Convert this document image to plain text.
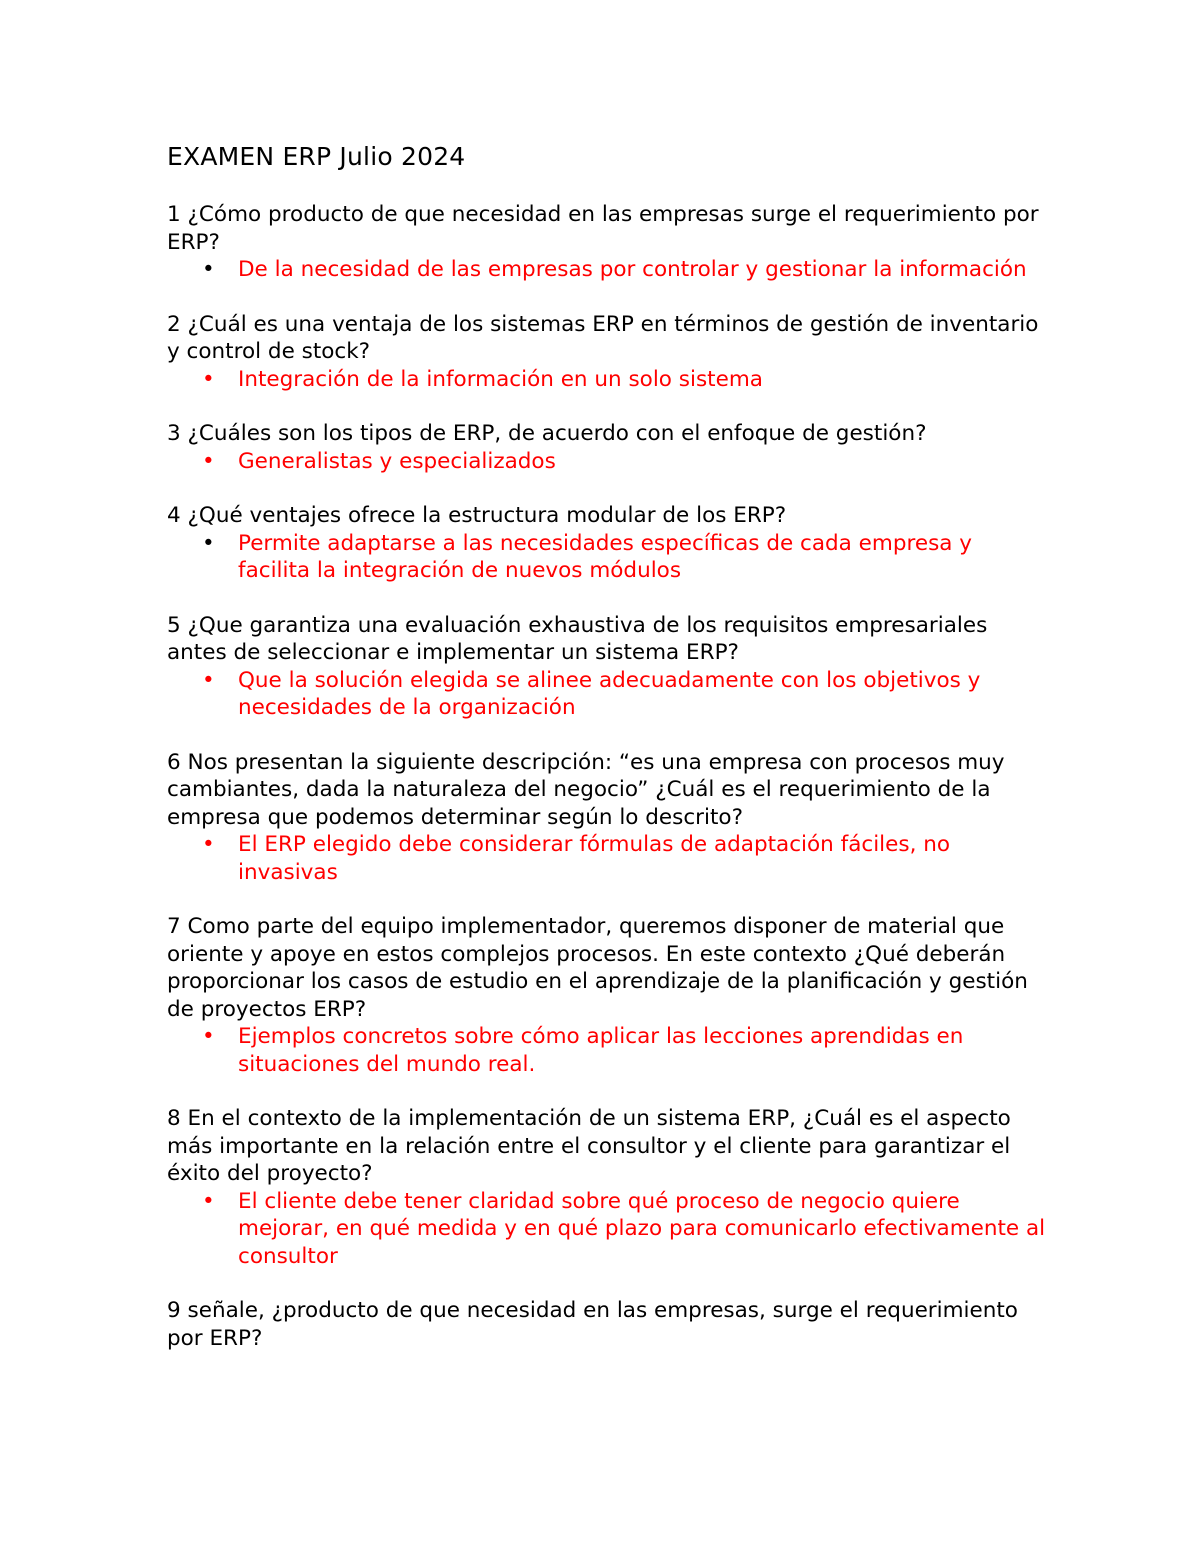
EXAMEN ERP Julio 2024

1 ¿Cómo producto de que necesidad en las empresas surge el requerimiento por ERP?

• De la necesidad de las empresas por controlar y gestionar la información

2 ¿Cuál es una ventaja de los sistemas ERP en términos de gestión de inventario y control de stock?

• Integración de la información en un solo sistema

3 ¿Cuáles son los tipos de ERP, de acuerdo con el enfoque de gestión?

• Generalistas y especializados

4 ¿Qué ventajes ofrece la estructura modular de los ERP?

• Permite adaptarse a las necesidades específicas de cada empresa y facilita la integración de nuevos módulos

5 ¿Que garantiza una evaluación exhaustiva de los requisitos empresariales antes de seleccionar e implementar un sistema ERP?

• Que la solución elegida se alinee adecuadamente con los objetivos y necesidades de la organización

6 Nos presentan la siguiente descripción: “es una empresa con procesos muy cambiantes, dada la naturaleza del negocio” ¿Cuál es el requerimiento de la empresa que podemos determinar según lo descrito?

• El ERP elegido debe considerar fórmulas de adaptación fáciles, no invasivas

7 Como parte del equipo implementador, queremos disponer de material que oriente y apoye en estos complejos procesos. En este contexto ¿Qué deberán proporcionar los casos de estudio en el aprendizaje de la planificación y gestión de proyectos ERP?

• Ejemplos concretos sobre cómo aplicar las lecciones aprendidas en situaciones del mundo real.

8 En el contexto de la implementación de un sistema ERP, ¿Cuál es el aspecto más importante en la relación entre el consultor y el cliente para garantizar el éxito del proyecto?

• El cliente debe tener claridad sobre qué proceso de negocio quiere mejorar, en qué medida y en qué plazo para comunicarlo efectivamente al consultor

9 señale, ¿producto de que necesidad en las empresas, surge el requerimiento por ERP?
